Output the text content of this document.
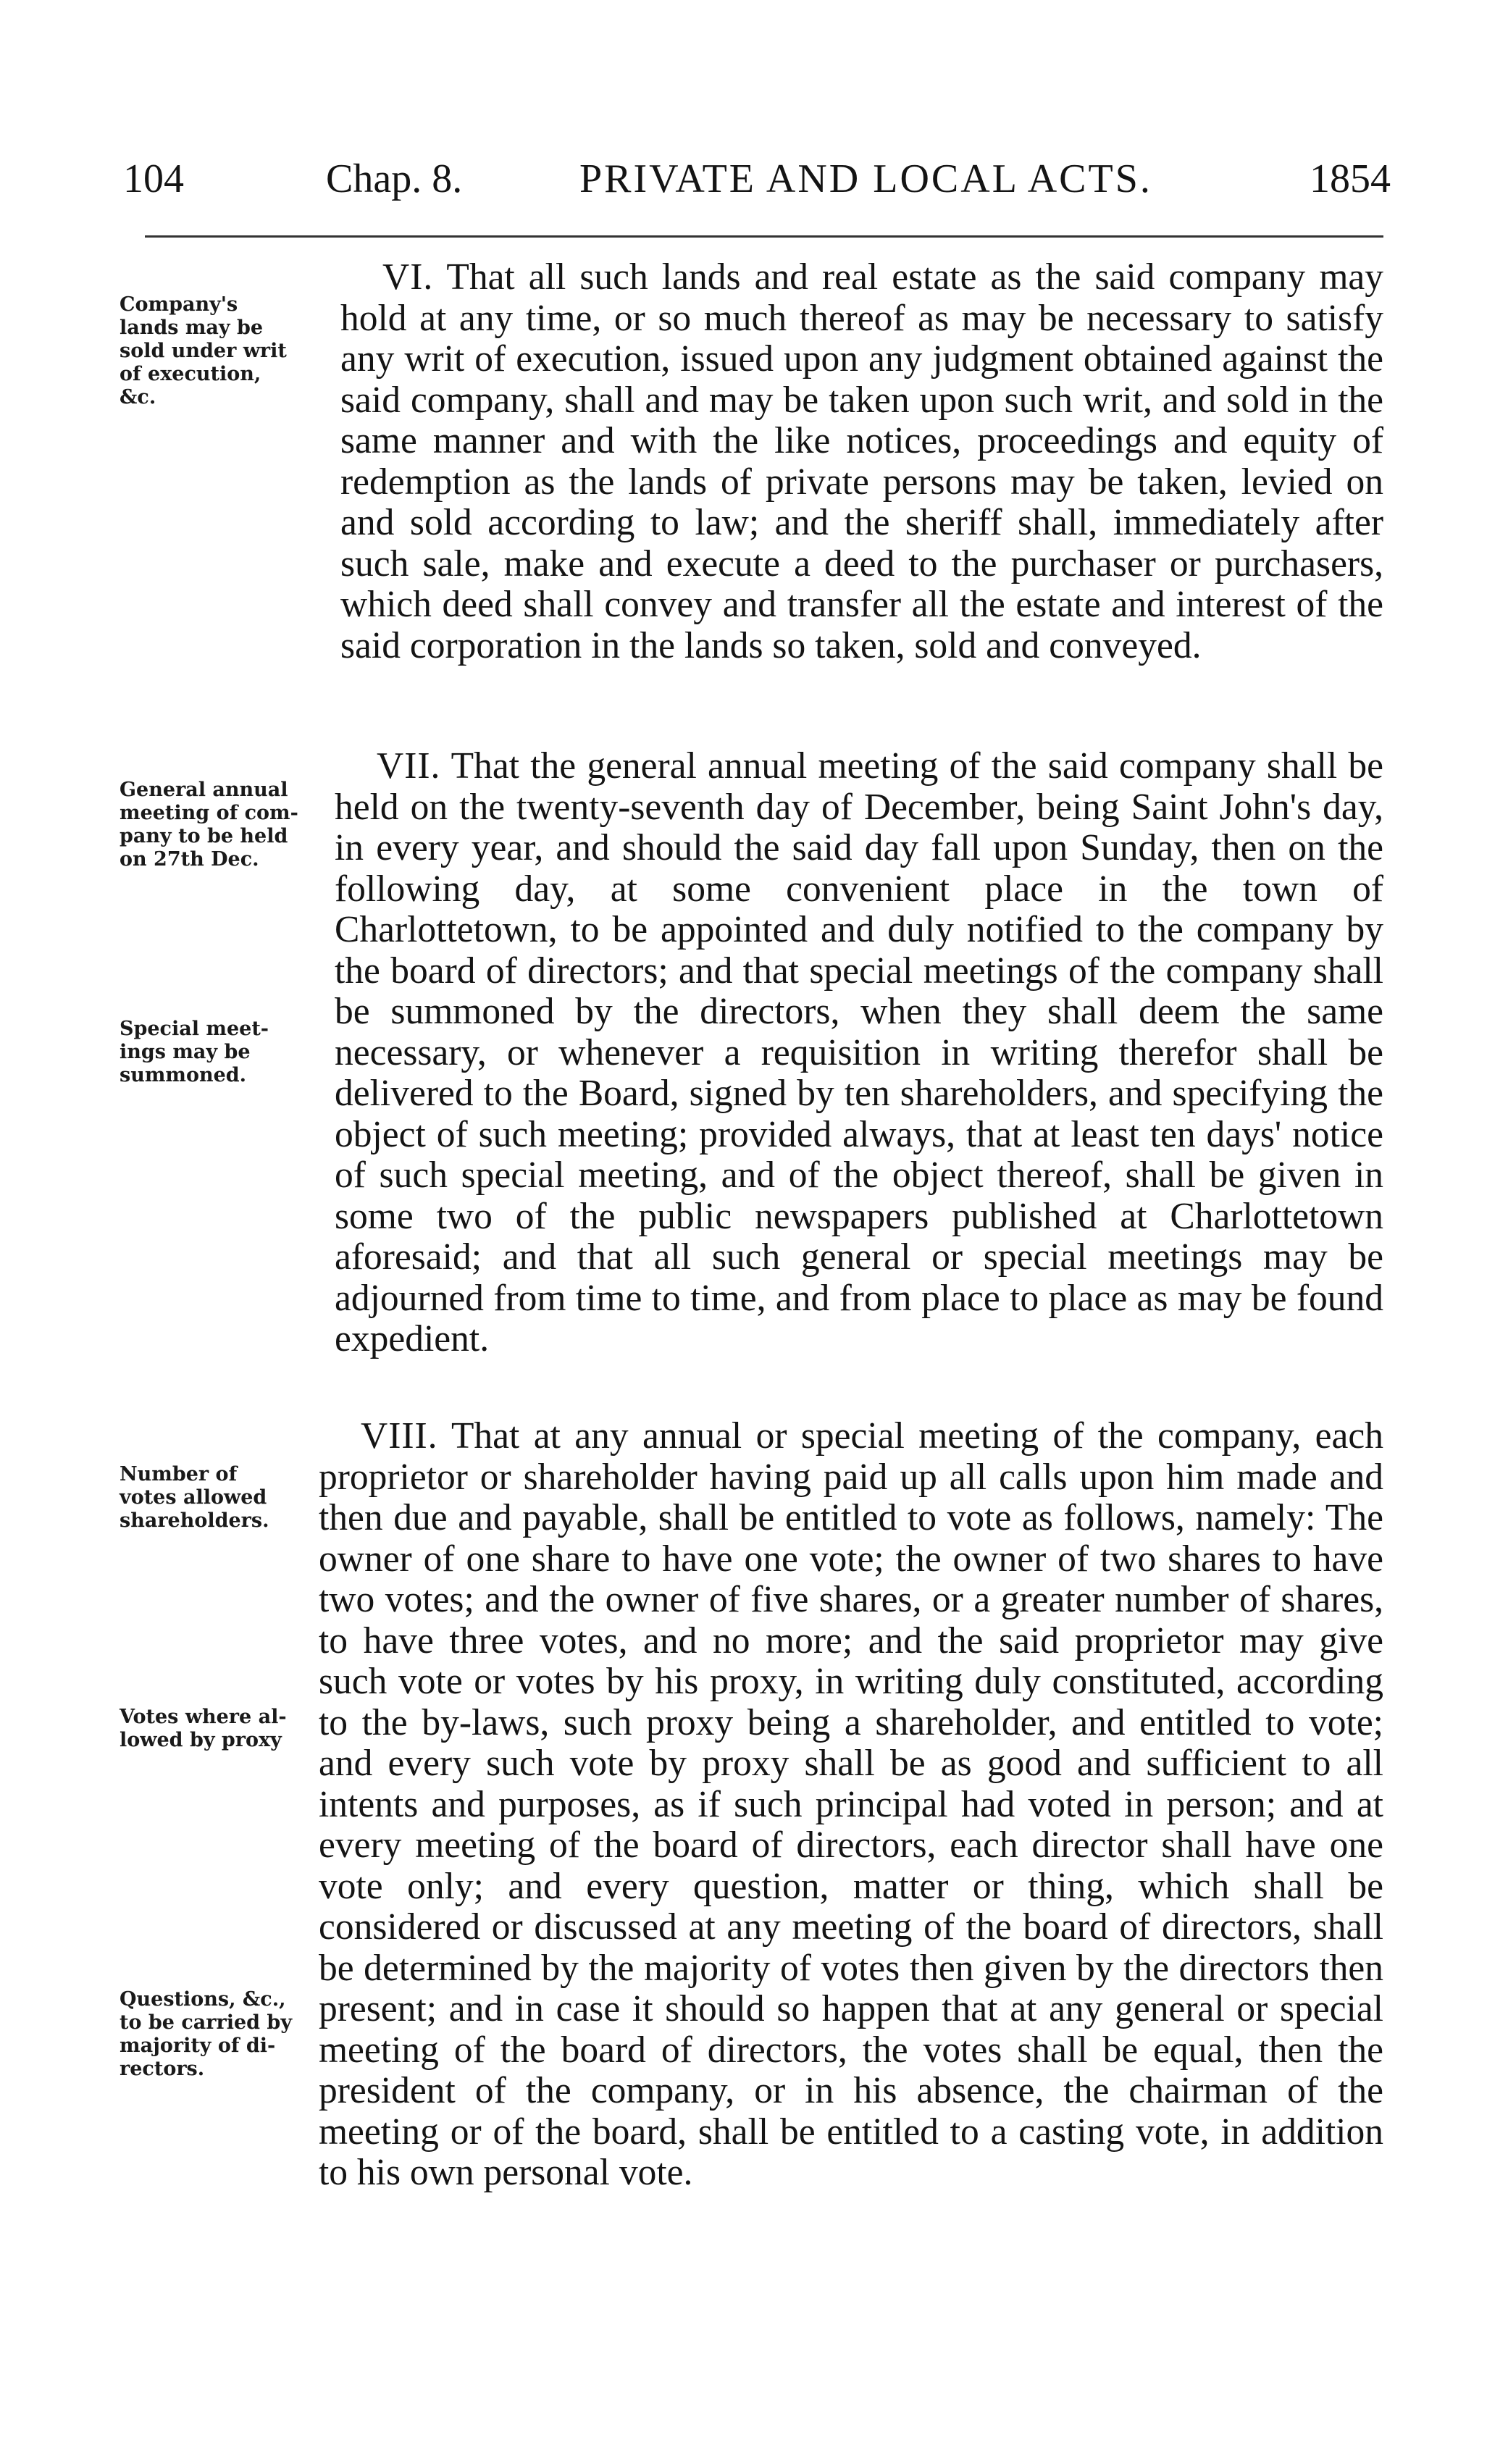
104	Chap. 8.	PRIVATE AND LOCAL ACTS.	1854
Company's
lands may be
sold under writ
of execution,
&c.
General annual
meeting of com-
pany to be held
on 27th Dec.
Special meet-
ings may be
summoned.
Number of
votes allowed
shareholders.
Votes where al-
lowed by proxy
Questions, &c.,
to be carried by
majority of di-
rectors.
VI. That all such lands and real estate as the said company may hold at any time, or so much thereof as may be necessary to satisfy any writ of execution, issued upon any judgment obtained against the said company, shall and may be taken upon such writ, and sold in the same manner and with the like notices, proceedings and equity of redemption as the lands of private persons may be taken, levied on and sold according to law; and the sheriff shall, immediately after such sale, make and execute a deed to the purchaser or purchasers, which deed shall convey and transfer all the estate and interest of the said corporation in the lands so taken, sold and conveyed.
VII. That the general annual meeting of the said company shall be held on the twenty-seventh day of December, being Saint John's day, in every year, and should the said day fall upon Sunday, then on the following day, at some convenient place in the town of Charlottetown, to be appointed and duly notified to the company by the board of directors; and that special meetings of the company shall be summoned by the directors, when they shall deem the same necessary, or whenever a requisition in writing therefor shall be delivered to the Board, signed by ten shareholders, and specifying the object of such meeting; provided always, that at least ten days' notice of such special meeting, and of the object thereof, shall be given in some two of the public newspapers published at Charlottetown aforesaid; and that all such general or special meetings may be adjourned from time to time, and from place to place as may be found expedient.
VIII. That at any annual or special meeting of the company, each proprietor or shareholder having paid up all calls upon him made and then due and payable, shall be entitled to vote as follows, namely: The owner of one share to have one vote; the owner of two shares to have two votes; and the owner of five shares, or a greater number of shares, to have three votes, and no more; and the said proprietor may give such vote or votes by his proxy, in writing duly constituted, according to the by-laws, such proxy being a shareholder, and entitled to vote; and every such vote by proxy shall be as good and sufficient to all intents and purposes, as if such principal had voted in person; and at every meeting of the board of directors, each director shall have one vote only; and every question, matter or thing, which shall be considered or discussed at any meeting of the board of directors, shall be determined by the majority of votes then given by the directors then present; and in case it should so happen that at any general or special meeting of the board of directors, the votes shall be equal, then the president of the company, or in his absence, the chairman of the meeting or of the board, shall be entitled to a casting vote, in addition to his own personal vote.
